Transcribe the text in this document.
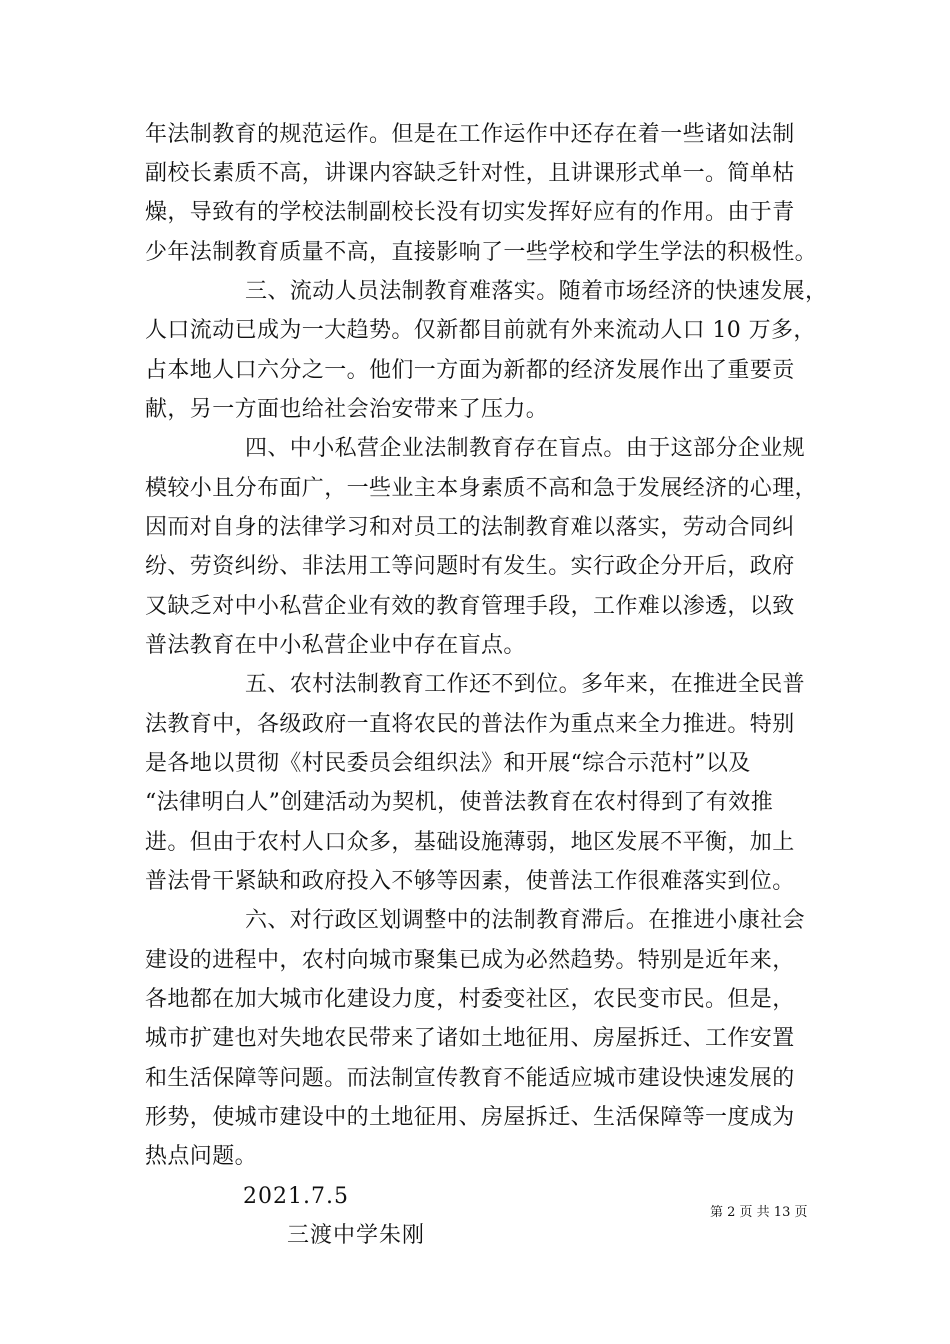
年法制教育的规范运作。但是在工作运作中还存在着一些诸如法制
副校长素质不高，讲课内容缺乏针对性，且讲课形式单一。简单枯
燥，导致有的学校法制副校长没有切实发挥好应有的作用。由于青
少年法制教育质量不高，直接影响了一些学校和学生学法的积极性。
三、流动人员法制教育难落实。随着市场经济的快速发展，
人口流动已成为一大趋势。仅新都目前就有外来流动人口 10 万多，
占本地人口六分之一。他们一方面为新都的经济发展作出了重要贡
献，另一方面也给社会治安带来了压力。
四、中小私营企业法制教育存在盲点。由于这部分企业规
模较小且分布面广，一些业主本身素质不高和急于发展经济的心理，
因而对自身的法律学习和对员工的法制教育难以落实，劳动合同纠
纷、劳资纠纷、非法用工等问题时有发生。实行政企分开后，政府
又缺乏对中小私营企业有效的教育管理手段，工作难以渗透，以致
普法教育在中小私营企业中存在盲点。
五、农村法制教育工作还不到位。多年来，在推进全民普
法教育中，各级政府一直将农民的普法作为重点来全力推进。特别
是各地以贯彻《村民委员会组织法》和开展“综合示范村”以及
“法律明白人”创建活动为契机，使普法教育在农村得到了有效推
进。但由于农村人口众多，基础设施薄弱，地区发展不平衡，加上
普法骨干紧缺和政府投入不够等因素，使普法工作很难落实到位。
六、对行政区划调整中的法制教育滞后。在推进小康社会
建设的进程中，农村向城市聚集已成为必然趋势。特别是近年来，
各地都在加大城市化建设力度，村委变社区，农民变市民。但是，
城市扩建也对失地农民带来了诸如土地征用、房屋拆迁、工作安置
和生活保障等问题。而法制宣传教育不能适应城市建设快速发展的
形势，使城市建设中的土地征用、房屋拆迁、生活保障等一度成为
热点问题。
2021.7.5
三渡中学朱刚
第 2 页 共 13 页
